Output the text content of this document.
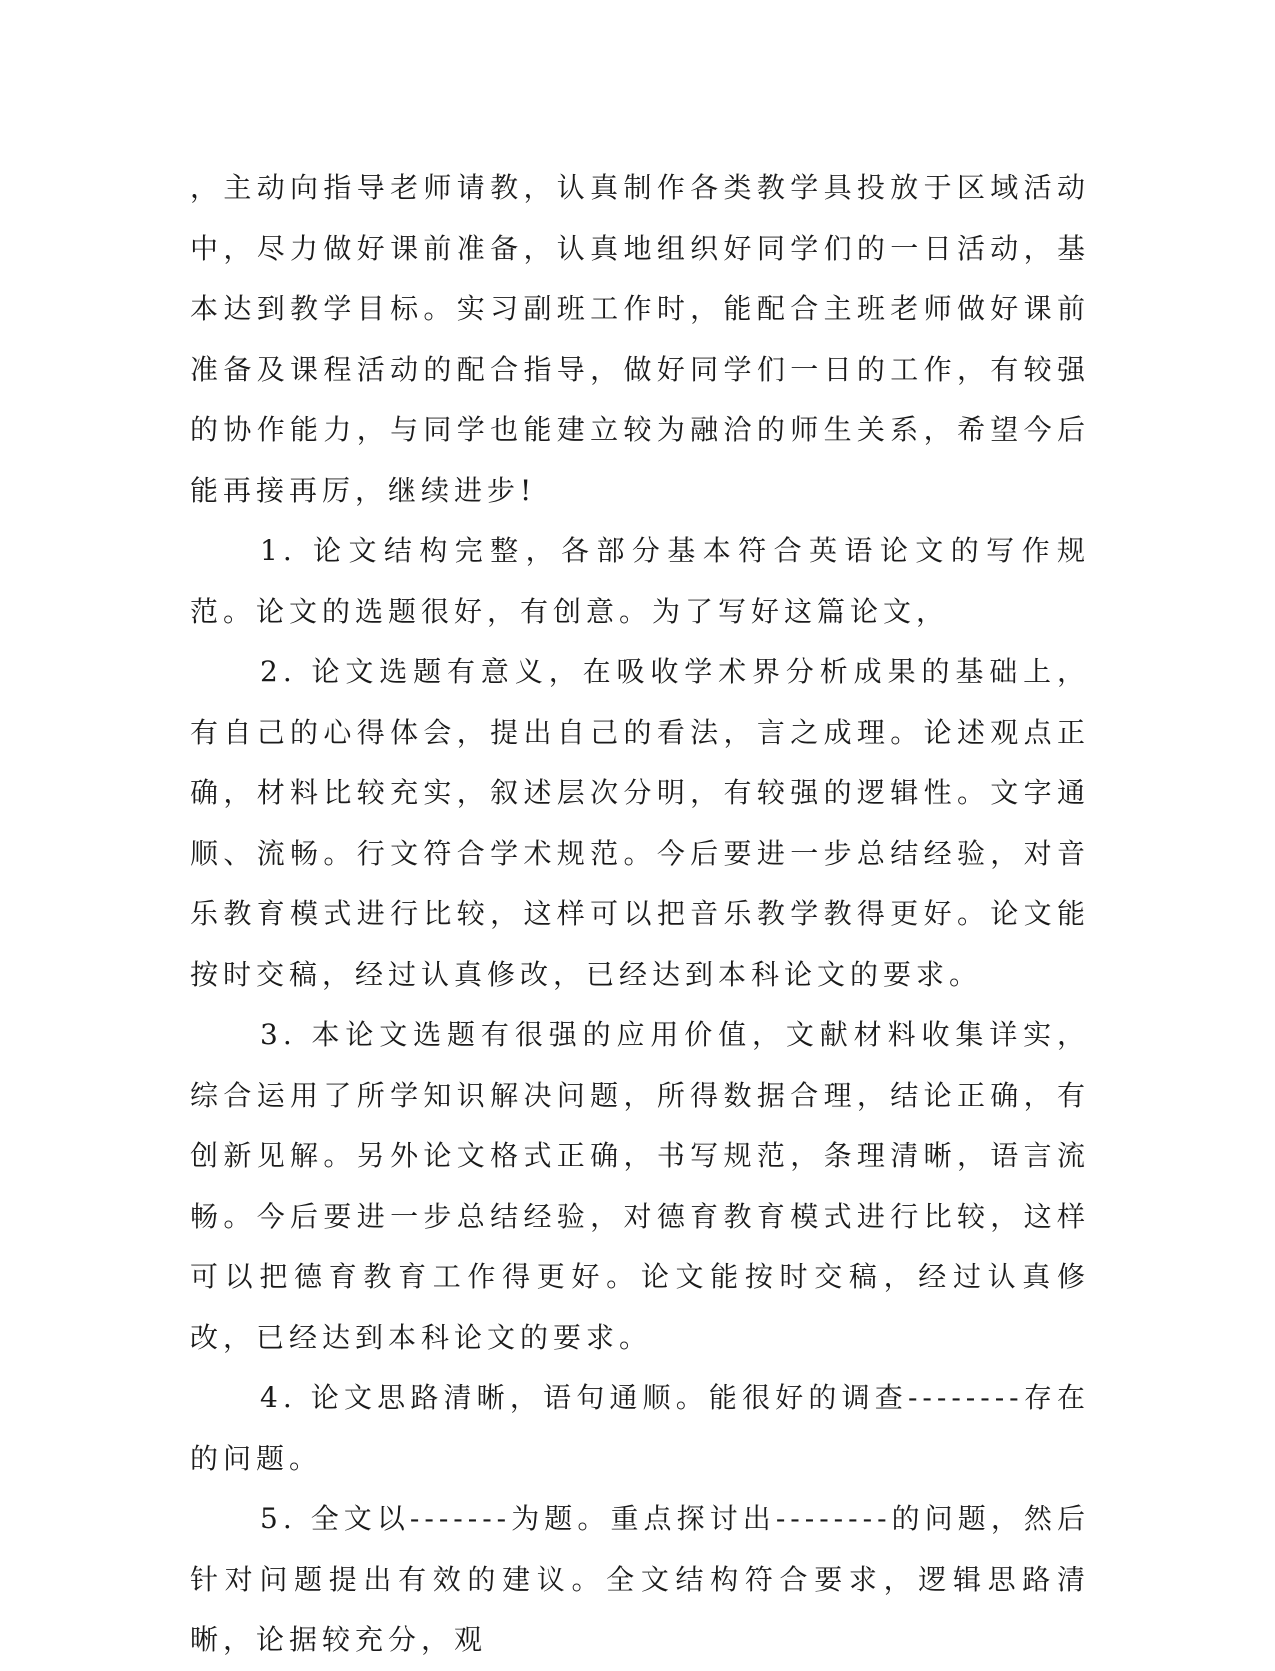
，主动向指导老师请教，认真制作各类教学具投放于区域活动中，尽力做好课前准备，认真地组织好同学们的一日活动，基本达到教学目标。实习副班工作时，能配合主班老师做好课前准备及课程活动的配合指导，做好同学们一日的工作，有较强的协作能力，与同学也能建立较为融洽的师生关系，希望今后能再接再厉，继续进步!

1. 论文结构完整，各部分基本符合英语论文的写作规范。论文的选题很好，有创意。为了写好这篇论文，

2. 论文选题有意义，在吸收学术界分析成果的基础上，有自己的心得体会，提出自己的看法，言之成理。论述观点正确，材料比较充实，叙述层次分明，有较强的逻辑性。文字通顺、流畅。行文符合学术规范。今后要进一步总结经验，对音乐教育模式进行比较，这样可以把音乐教学教得更好。论文能按时交稿，经过认真修改，已经达到本科论文的要求。

3. 本论文选题有很强的应用价值，文献材料收集详实，综合运用了所学知识解决问题，所得数据合理，结论正确，有创新见解。另外论文格式正确，书写规范，条理清晰，语言流畅。今后要进一步总结经验，对德育教育模式进行比较，这样可以把德育教育工作得更好。论文能按时交稿，经过认真修改，已经达到本科论文的要求。

4. 论文思路清晰，语句通顺。能很好的调查--------存在的问题。

5. 全文以-------为题。重点探讨出--------的问题，然后针对问题提出有效的建议。全文结构符合要求，逻辑思路清晰，论据较充分，观
